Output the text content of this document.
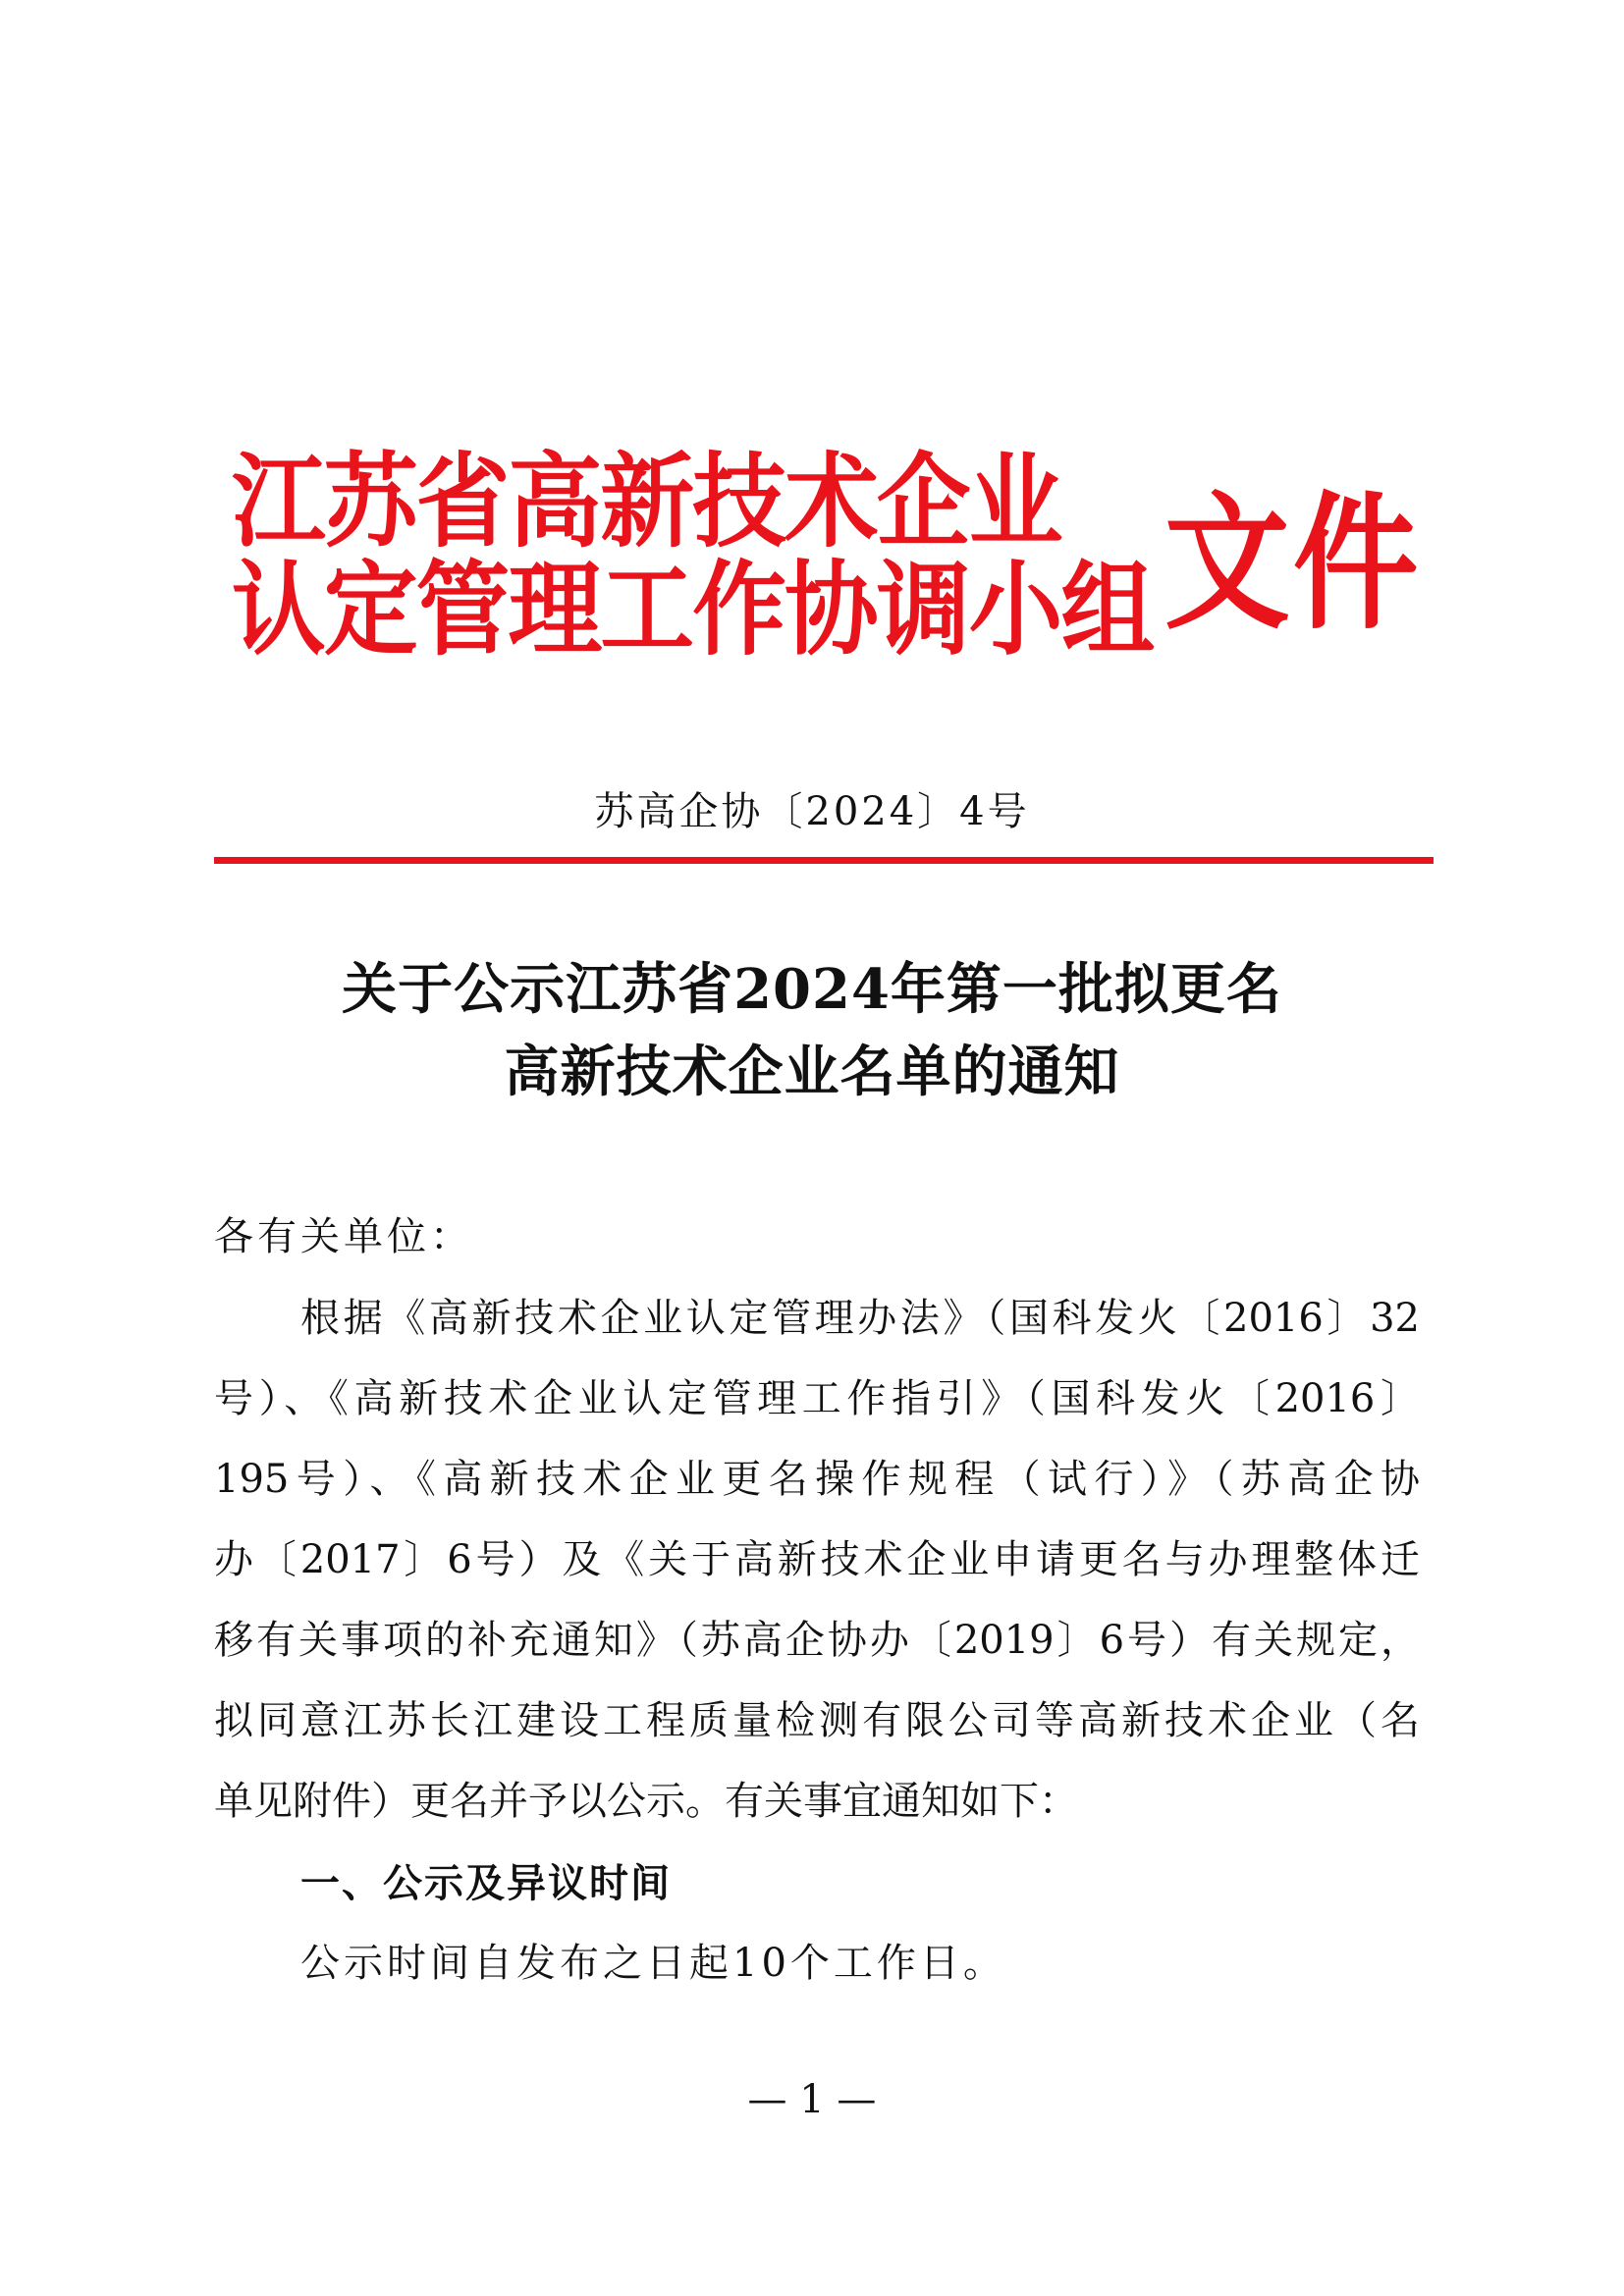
江苏省高新技术企业
认定管理工作协调小组 文件
苏高企协〔2024〕4号
关于公示江苏省2024年第一批拟更名
高新技术企业名单的通知
各有关单位：
根据《高新技术企业认定管理办法》（国科发火〔2016〕32
号）、《高新技术企业认定管理工作指引》（国科发火〔2016〕
195号）、《高新技术企业更名操作规程（试行）》（苏高企协
办〔2017〕6号）及《关于高新技术企业申请更名与办理整体迁
移有关事项的补充通知》（苏高企协办〔2019〕6号）有关规定，
拟同意江苏长江建设工程质量检测有限公司等高新技术企业（名
单见附件）更名并予以公示。有关事宜通知如下：
一、公示及异议时间
公示时间自发布之日起10个工作日。
— 1 —
